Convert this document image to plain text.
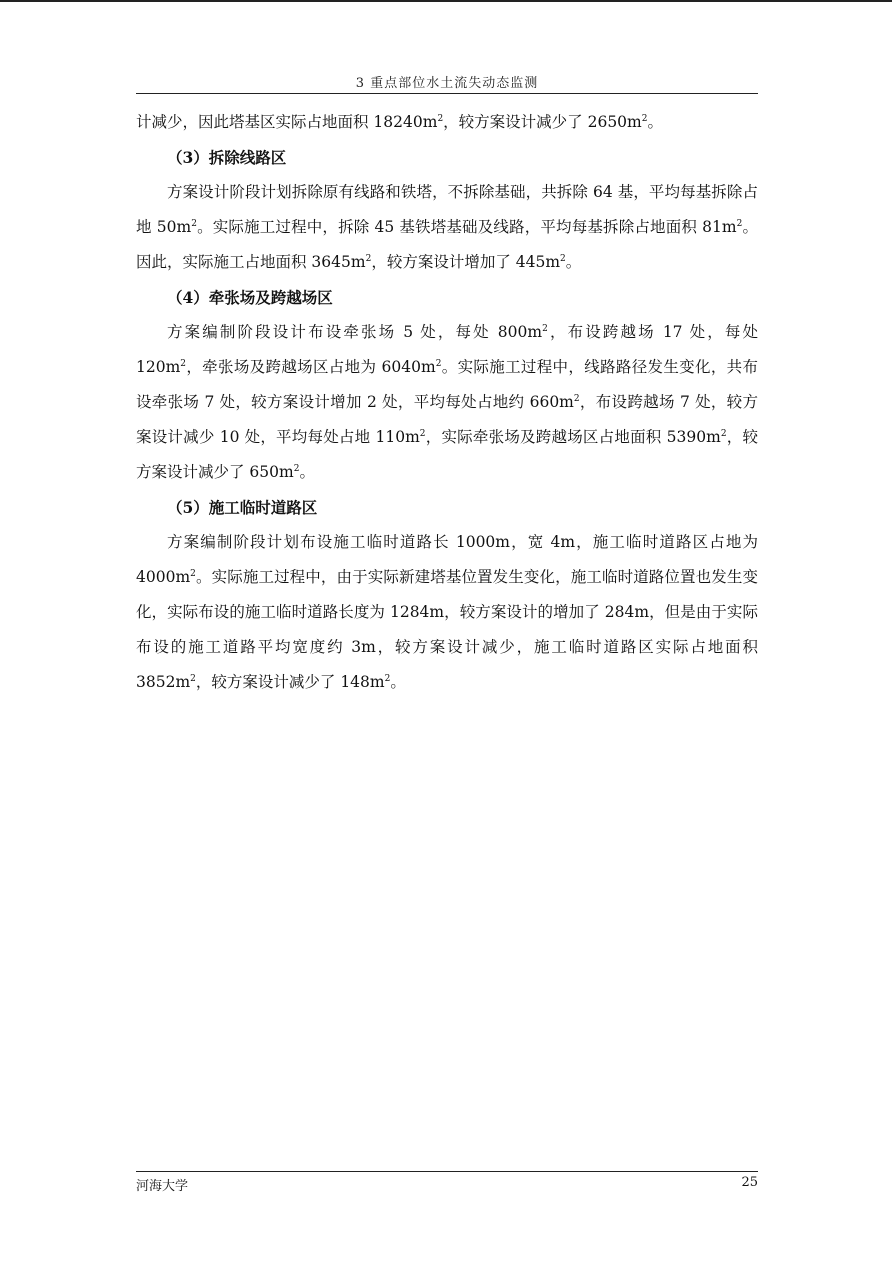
3 重点部位水土流失动态监测

计减少，因此塔基区实际占地面积 $18240m^2$，较方案设计减少了 $2650m^2$。

（3）拆除线路区

方案设计阶段计划拆除原有线路和铁塔，不拆除基础，共拆除 64 基，平均每基拆除占地 $50m^2$。实际施工过程中，拆除 45 基铁塔基础及线路，平均每基拆除占地面积 $81m^2$。因此，实际施工占地面积 $3645m^2$，较方案设计增加了 $445m^2$。

（4）牵张场及跨越场区

方案编制阶段设计布设牵张场 5 处，每处 $800m^2$，布设跨越场 17 处，每处 $120m^2$，牵张场及跨越场区占地为 $6040m^2$。实际施工过程中，线路路径发生变化，共布设牵张场 7 处，较方案设计增加 2 处，平均每处占地约 $660m^2$，布设跨越场 7 处，较方案设计减少 10 处，平均每处占地 $110m^2$，实际牵张场及跨越场区占地面积 $5390m^2$，较方案设计减少了 $650m^2$。

（5）施工临时道路区

方案编制阶段计划布设施工临时道路长 1000m，宽 4m，施工临时道路区占地为 $4000m^2$。实际施工过程中，由于实际新建塔基位置发生变化，施工临时道路位置也发生变化，实际布设的施工临时道路长度为 1284m，较方案设计的增加了 284m，但是由于实际布设的施工道路平均宽度约 3m，较方案设计减少，施工临时道路区实际占地面积 $3852m^2$，较方案设计减少了 $148m^2$。

河海大学	25
